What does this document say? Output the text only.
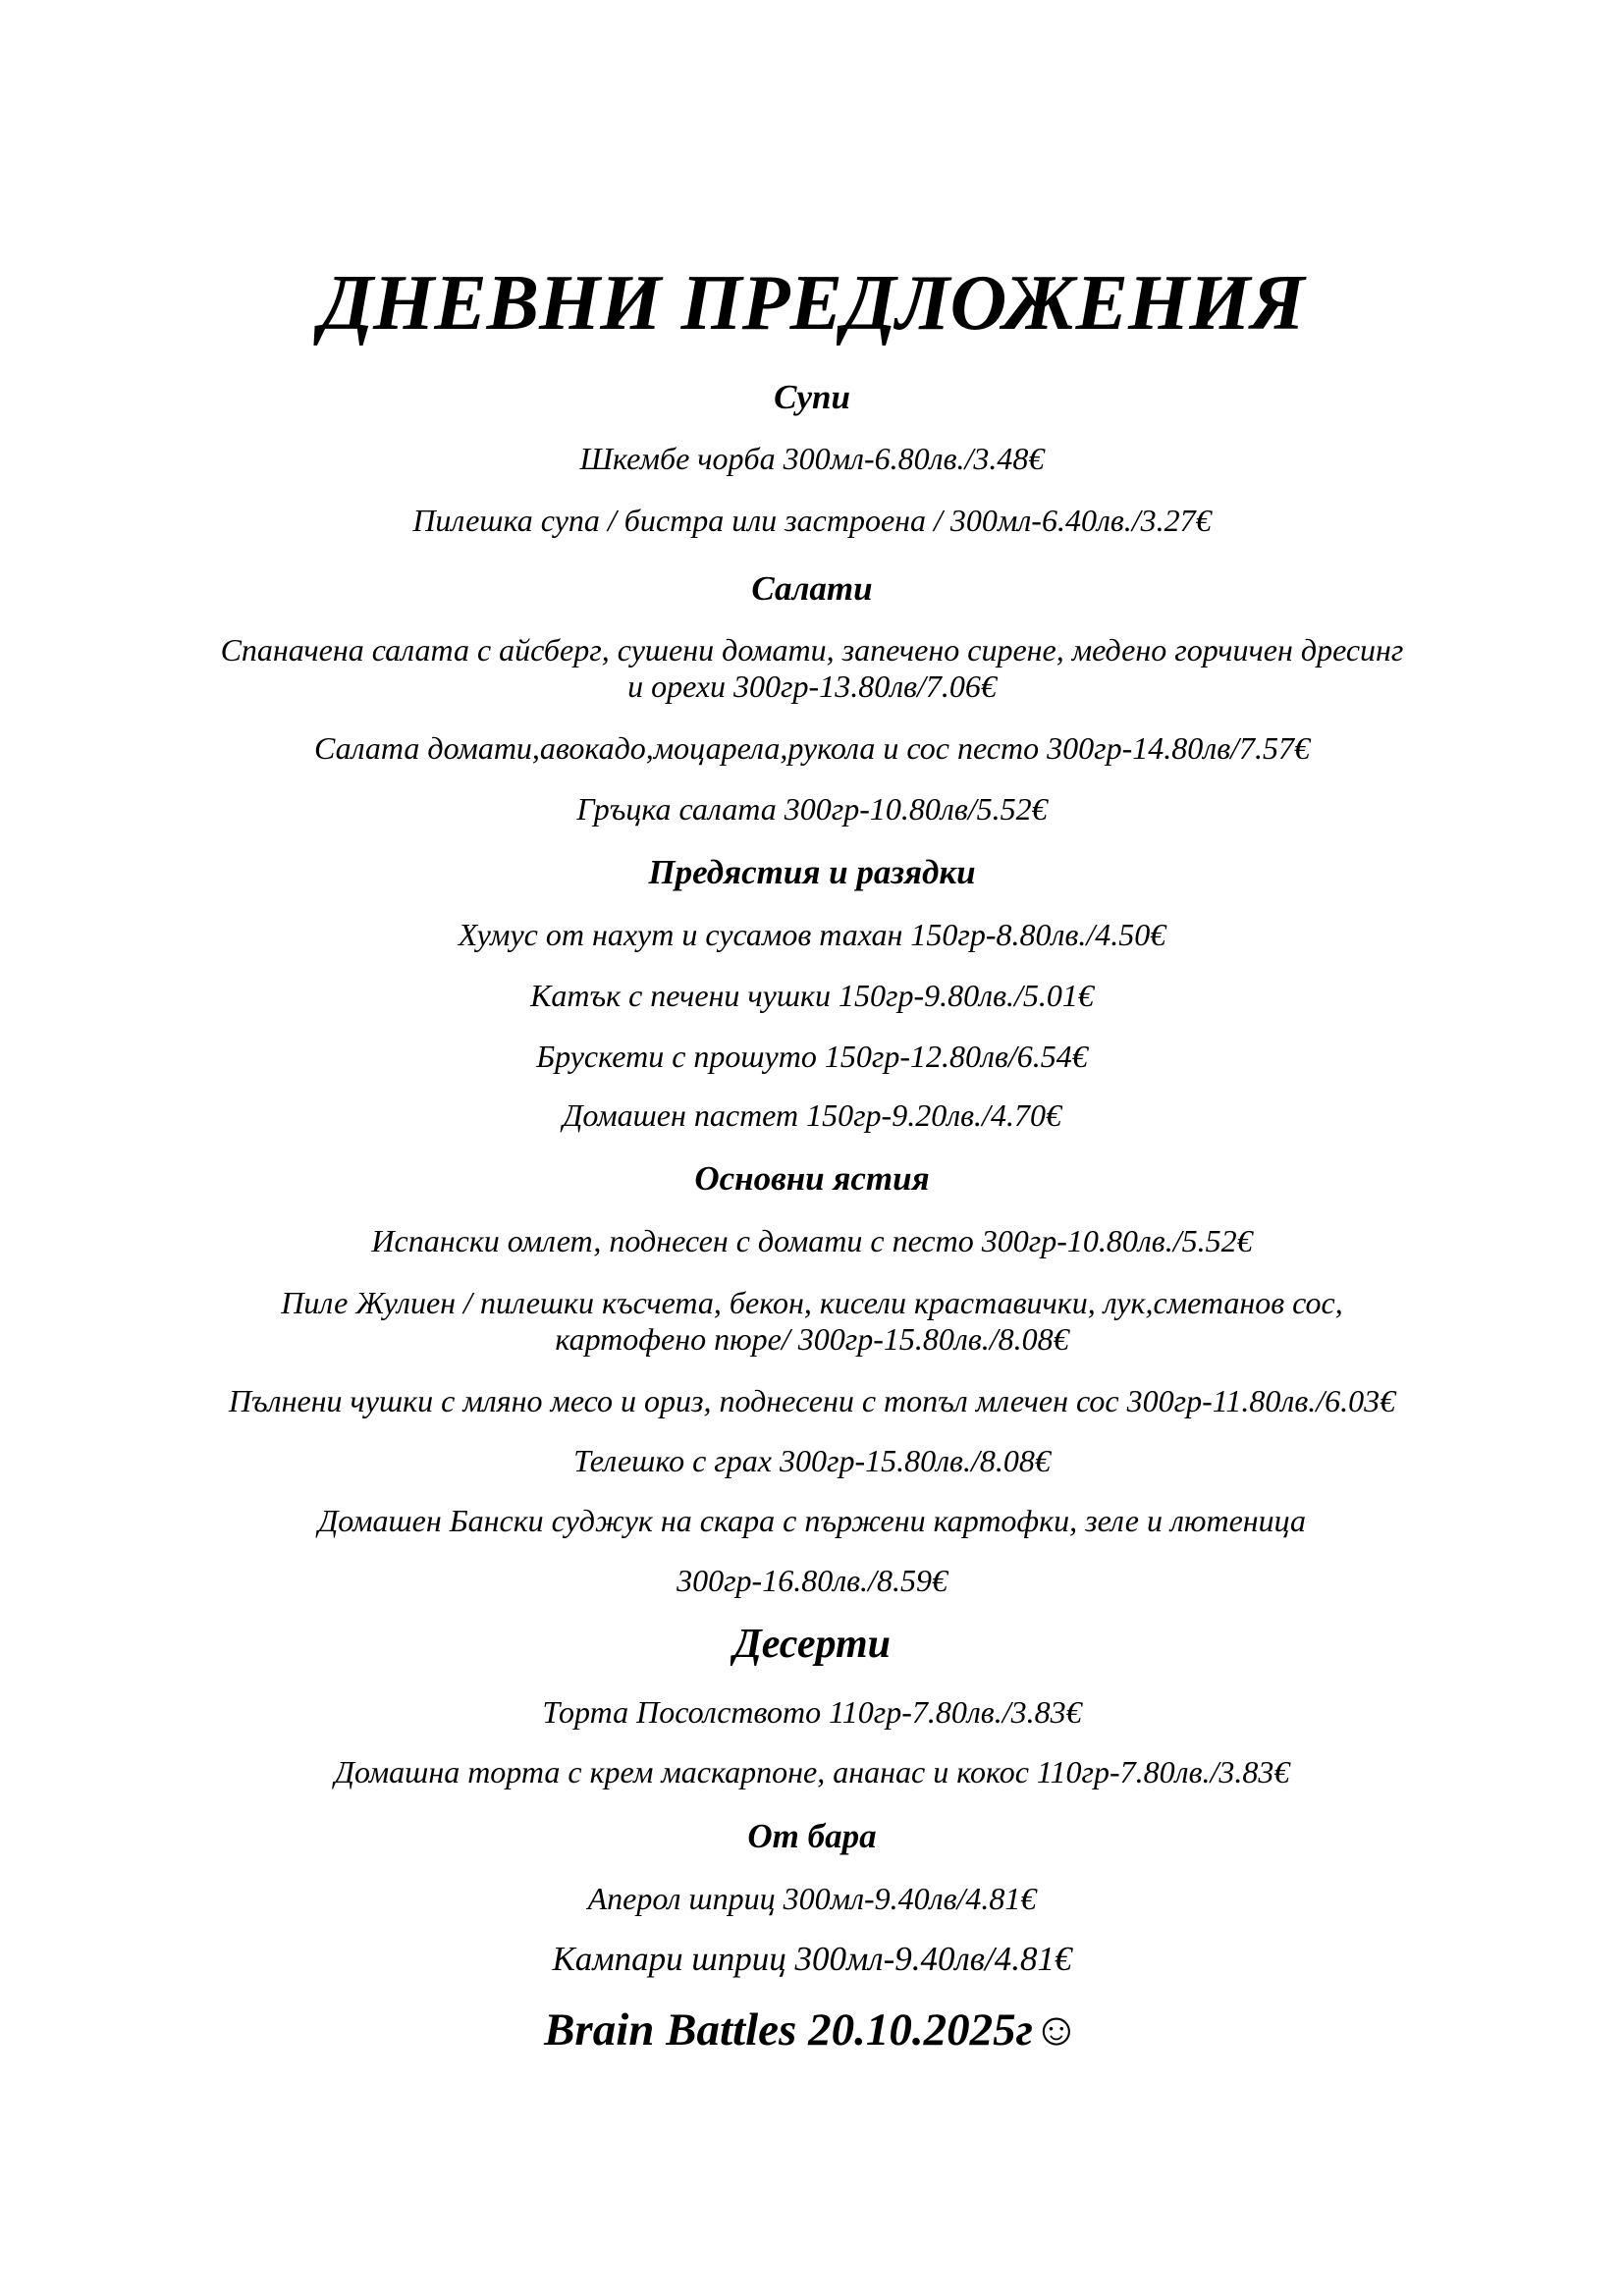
ДНЕВНИ ПРЕДЛОЖЕНИЯ
Супи
Шкембе чорба 300мл-6.80лв./3.48€
Пилешка супа / бистра или застроена / 300мл-6.40лв./3.27€
Салати
Спаначена салата с айсберг, сушени домати, запечено сирене, медено горчичен дресинг
и орехи 300гр-13.80лв/7.06€
Салата домати,авокадо,моцарела,рукола и сос песто 300гр-14.80лв/7.57€
Гръцка салата 300гр-10.80лв/5.52€
Предястия и разядки
Хумус от нахут и сусамов тахан 150гр-8.80лв./4.50€
Катък с печени чушки 150гр-9.80лв./5.01€
Брускети с прошуто 150гр-12.80лв/6.54€
Домашен пастет 150гр-9.20лв./4.70€
Основни ястия
Испански омлет, поднесен с домати с песто 300гр-10.80лв./5.52€
Пиле Жулиен / пилешки късчета, бекон, кисели краставички, лук,сметанов сос,
картофено пюре/ 300гр-15.80лв./8.08€
Пълнени чушки с мляно месо и ориз, поднесени с топъл млечен сос 300гр-11.80лв./6.03€
Телешко с грах 300гр-15.80лв./8.08€
Домашен Бански суджук на скара с пържени картофки, зеле и лютеница
300гр-16.80лв./8.59€
Десерти
Торта Посолството 110гр-7.80лв./3.83€
Домашна торта с крем маскарпоне, ананас и кокос 110гр-7.80лв./3.83€
От бара
Аперол шприц 300мл-9.40лв/4.81€
Кампари шприц 300мл-9.40лв/4.81€
Brain Battles 20.10.2025г☺
